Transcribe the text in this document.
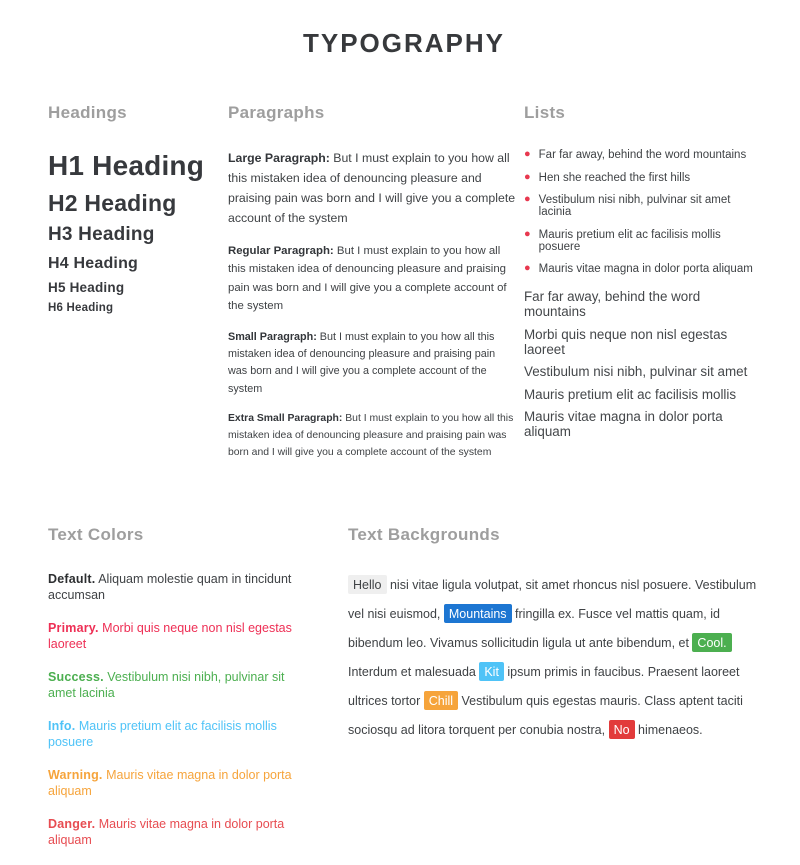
TYPOGRAPHY
Headings
H1 Heading
H2 Heading
H3 Heading
H4 Heading
H5 Heading
H6 Heading
Paragraphs

Large Paragraph: But I must explain to you how all this mistaken idea of denouncing pleasure and praising pain was born and I will give you a complete account of the system

Regular Paragraph: But I must explain to you how all this mistaken idea of denouncing pleasure and praising pain was born and I will give you a complete account of the system

Small Paragraph: But I must explain to you how all this mistaken idea of denouncing pleasure and praising pain was born and I will give you a complete account of the system

Extra Small Paragraph: But I must explain to you how all this mistaken idea of denouncing pleasure and praising pain was born and I will give you a complete account of the system

Lists
● Far far away, behind the word mountains
● Hen she reached the first hills
● Vestibulum nisi nibh, pulvinar sit amet lacinia
● Mauris pretium elit ac facilisis mollis posuere
● Mauris vitae magna in dolor porta aliquam
Far far away, behind the word mountains
Morbi quis neque non nisl egestas laoreet
Vestibulum nisi nibh, pulvinar sit amet
Mauris pretium elit ac facilisis mollis
Mauris vitae magna in dolor porta aliquam
Text Colors

Default. Aliquam molestie quam in tincidunt accumsan

Primary. Morbi quis neque non nisl egestas laoreet

Success. Vestibulum nisi nibh, pulvinar sit amet lacinia

Info. Mauris pretium elit ac facilisis mollis posuere

Warning. Mauris vitae magna in dolor porta aliquam

Danger. Mauris vitae magna in dolor porta aliquam

Text Backgrounds

Hello nisi vitae ligula volutpat, sit amet rhoncus nisl posuere. Vestibulum vel nisi euismod, Mountains fringilla ex. Fusce vel mattis quam, id bibendum leo. Vivamus sollicitudin ligula ut ante bibendum, et Cool. Interdum et malesuada Kit ipsum primis in faucibus. Praesent laoreet ultrices tortor Chill Vestibulum quis egestas mauris. Class aptent taciti sociosqu ad litora torquent per conubia nostra, No himenaeos.
